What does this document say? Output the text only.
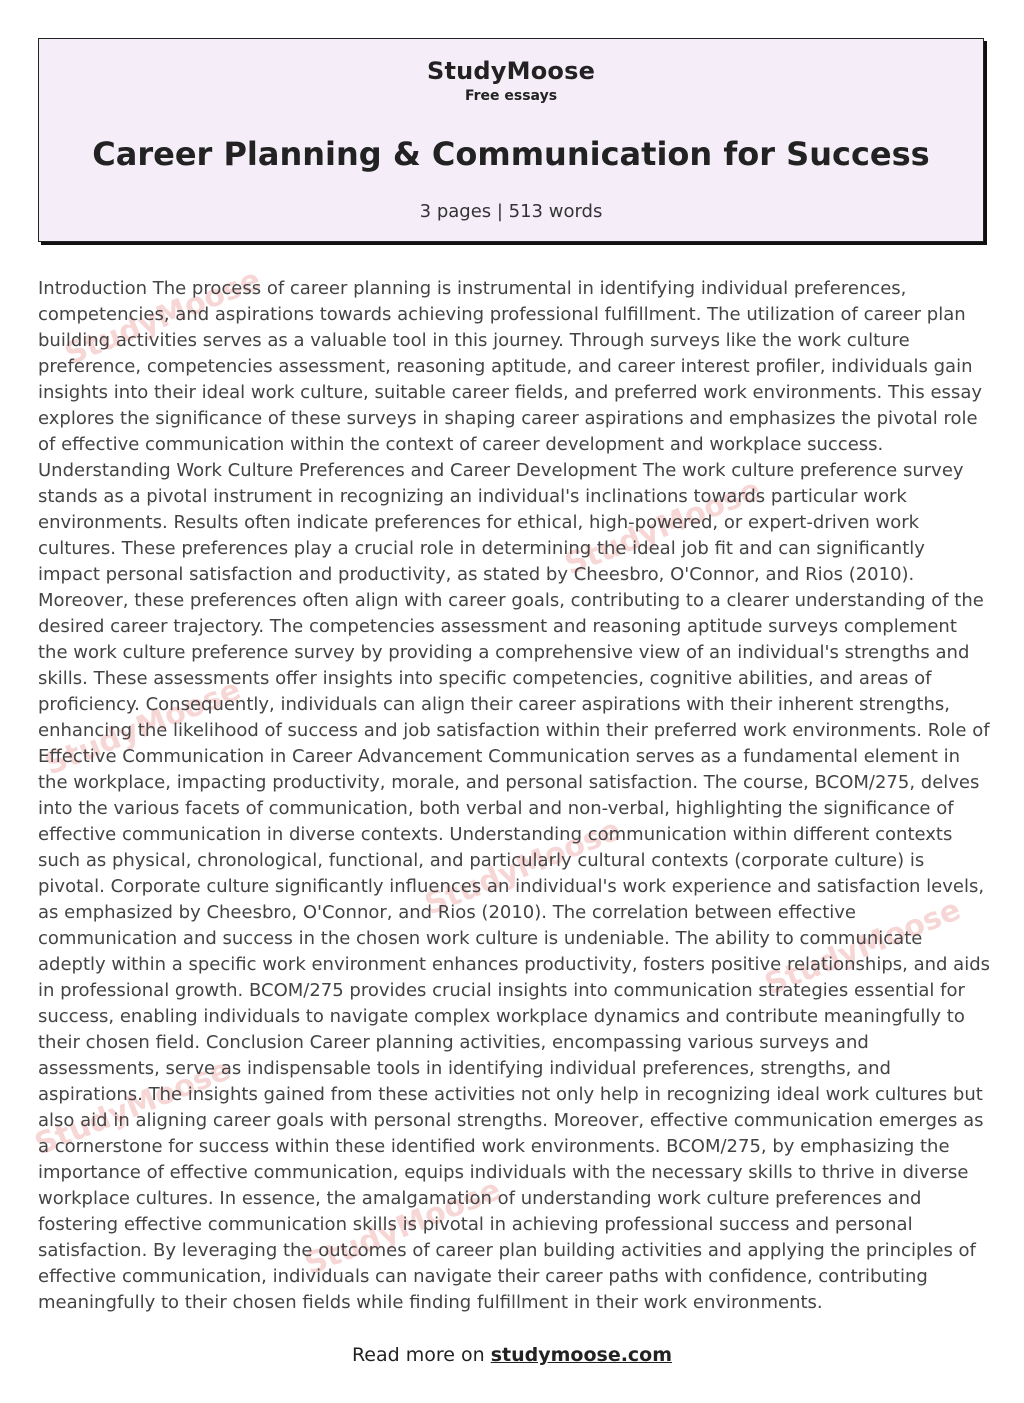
StudyMoose
Free essays
Career Planning & Communication for Success
3 pages | 513 words
StudyMoose
StudyMoose
StudyMoose
StudyMoose
StudyMoose
StudyMoose
StudyMoose

Introduction The process of career planning is instrumental in identifying individual preferences, competencies, and aspirations towards achieving professional fulfillment. The utilization of career plan building activities serves as a valuable tool in this journey. Through surveys like the work culture preference, competencies assessment, reasoning aptitude, and career interest profiler, individuals gain insights into their ideal work culture, suitable career fields, and preferred work environments. This essay explores the significance of these surveys in shaping career aspirations and emphasizes the pivotal role of effective communication within the context of career development and workplace success. Understanding Work Culture Preferences and Career Development The work culture preference survey stands as a pivotal instrument in recognizing an individual's inclinations towards particular work environments. Results often indicate preferences for ethical, high-powered, or expert-driven work cultures. These preferences play a crucial role in determining the ideal job fit and can significantly impact personal satisfaction and productivity, as stated by Cheesbro, O'Connor, and Rios (2010). Moreover, these preferences often align with career goals, contributing to a clearer understanding of the desired career trajectory. The competencies assessment and reasoning aptitude surveys complement the work culture preference survey by providing a comprehensive view of an individual's strengths and skills. These assessments offer insights into specific competencies, cognitive abilities, and areas of proficiency. Consequently, individuals can align their career aspirations with their inherent strengths, enhancing the likelihood of success and job satisfaction within their preferred work environments. Role of Effective Communication in Career Advancement Communication serves as a fundamental element in the workplace, impacting productivity, morale, and personal satisfaction. The course, BCOM/275, delves into the various facets of communication, both verbal and non-verbal, highlighting the significance of effective communication in diverse contexts. Understanding communication within different contexts such as physical, chronological, functional, and particularly cultural contexts (corporate culture) is pivotal. Corporate culture significantly influences an individual's work experience and satisfaction levels, as emphasized by Cheesbro, O'Connor, and Rios (2010). The correlation between effective communication and success in the chosen work culture is undeniable. The ability to communicate adeptly within a specific work environment enhances productivity, fosters positive relationships, and aids in professional growth. BCOM/275 provides crucial insights into communication strategies essential for success, enabling individuals to navigate complex workplace dynamics and contribute meaningfully to their chosen field. Conclusion Career planning activities, encompassing various surveys and assessments, serve as indispensable tools in identifying individual preferences, strengths, and aspirations. The insights gained from these activities not only help in recognizing ideal work cultures but also aid in aligning career goals with personal strengths. Moreover, effective communication emerges as a cornerstone for success within these identified work environments. BCOM/275, by emphasizing the importance of effective communication, equips individuals with the necessary skills to thrive in diverse workplace cultures. In essence, the amalgamation of understanding work culture preferences and fostering effective communication skills is pivotal in achieving professional success and personal satisfaction. By leveraging the outcomes of career plan building activities and applying the principles of effective communication, individuals can navigate their career paths with confidence, contributing meaningfully to their chosen fields while finding fulfillment in their work environments.

Read more on studymoose.com
